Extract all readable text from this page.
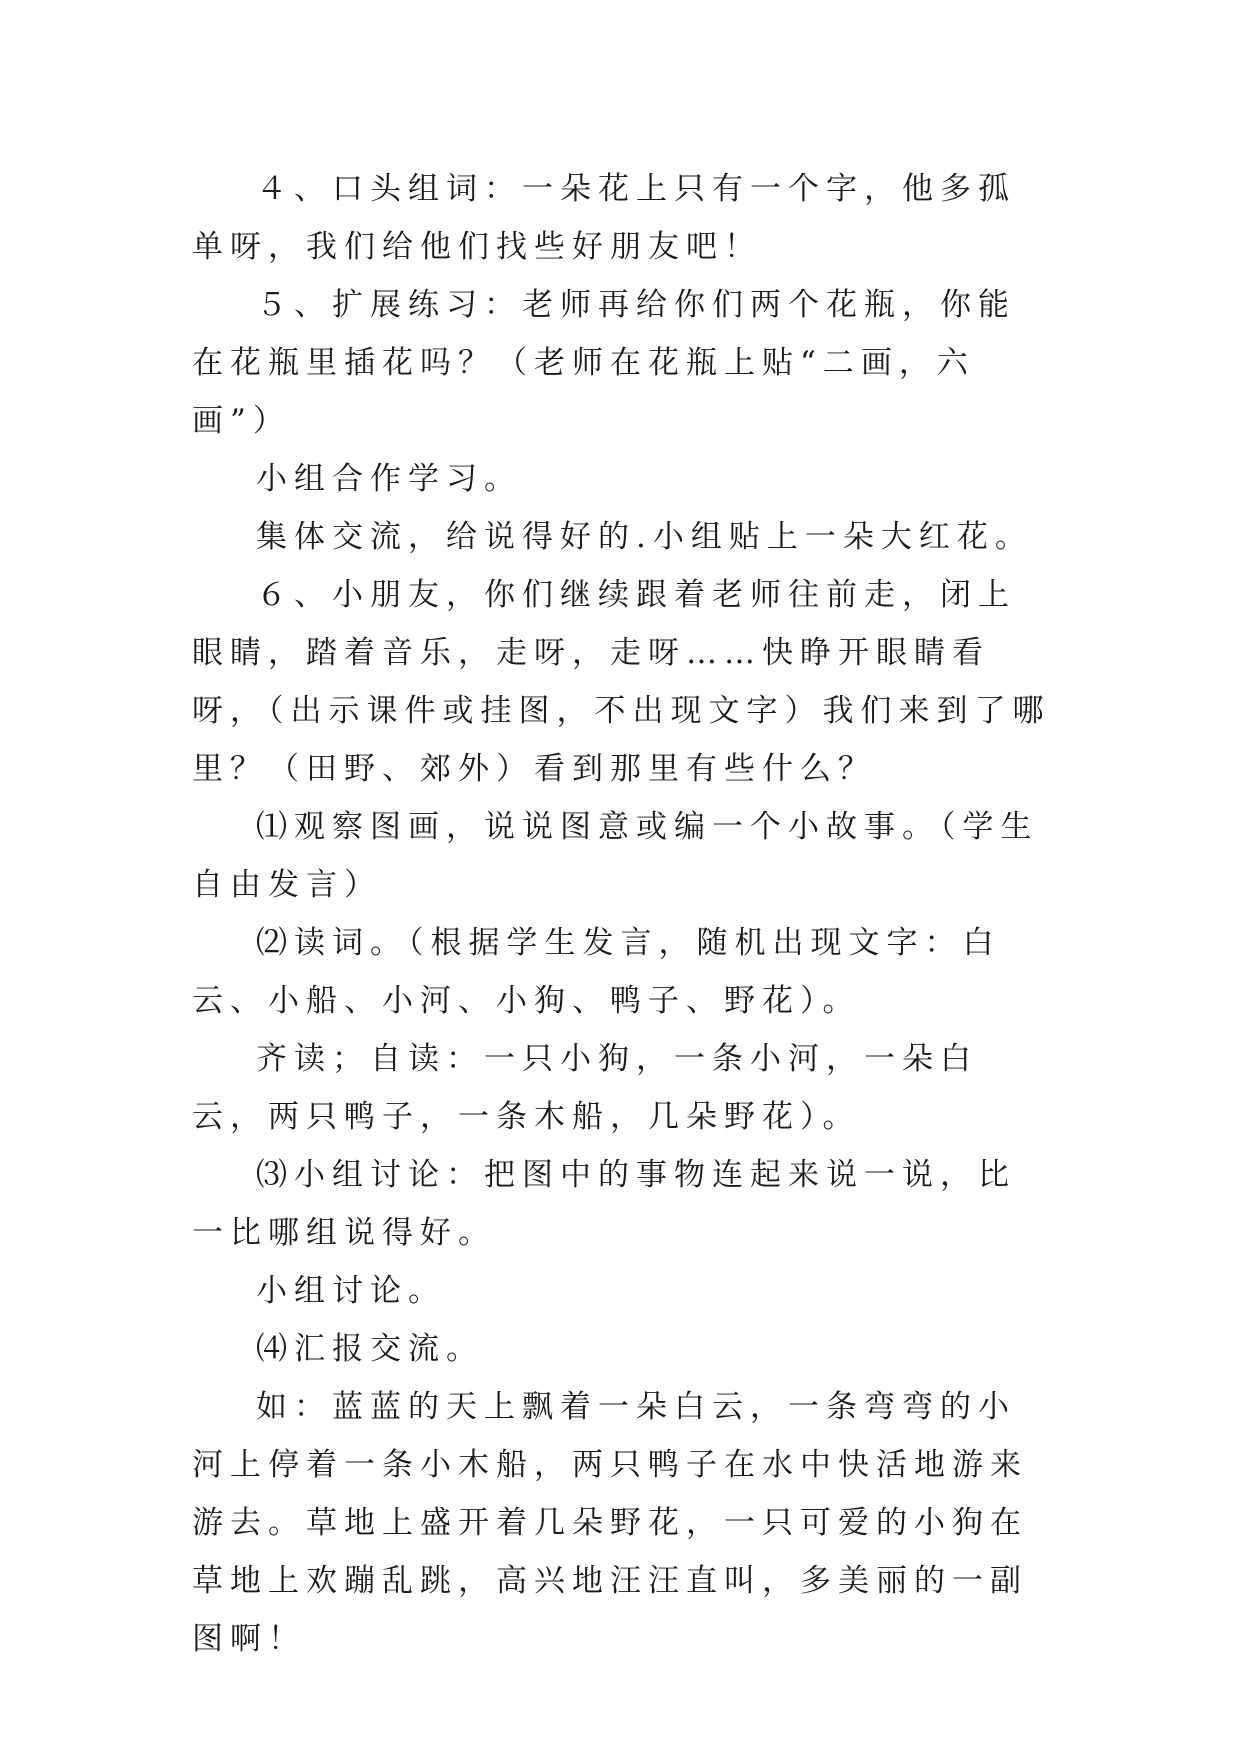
４、口头组词：一朵花上只有一个字，他多孤单呀，我们给他们找些好朋友吧！

５、扩展练习：老师再给你们两个花瓶，你能在花瓶里插花吗？（老师在花瓶上贴“二画，六画”）

小组合作学习。

集体交流，给说得好的.小组贴上一朵大红花。

６、小朋友，你们继续跟着老师往前走，闭上眼睛，踏着音乐，走呀，走呀……快睁开眼睛看呀，（出示课件或挂图，不出现文字）我们来到了哪里？（田野、郊外）看到那里有些什么？

⑴观察图画，说说图意或编一个小故事。（学生自由发言）

⑵读词。（根据学生发言，随机出现文字：白云、小船、小河、小狗、鸭子、野花）。

齐读；自读：一只小狗，一条小河，一朵白云，两只鸭子，一条木船，几朵野花）。

⑶小组讨论：把图中的事物连起来说一说，比一比哪组说得好。

小组讨论。

⑷汇报交流。

如：蓝蓝的天上飘着一朵白云，一条弯弯的小河上停着一条小木船，两只鸭子在水中快活地游来游去。草地上盛开着几朵野花，一只可爱的小狗在草地上欢蹦乱跳，高兴地汪汪直叫，多美丽的一副图啊！
